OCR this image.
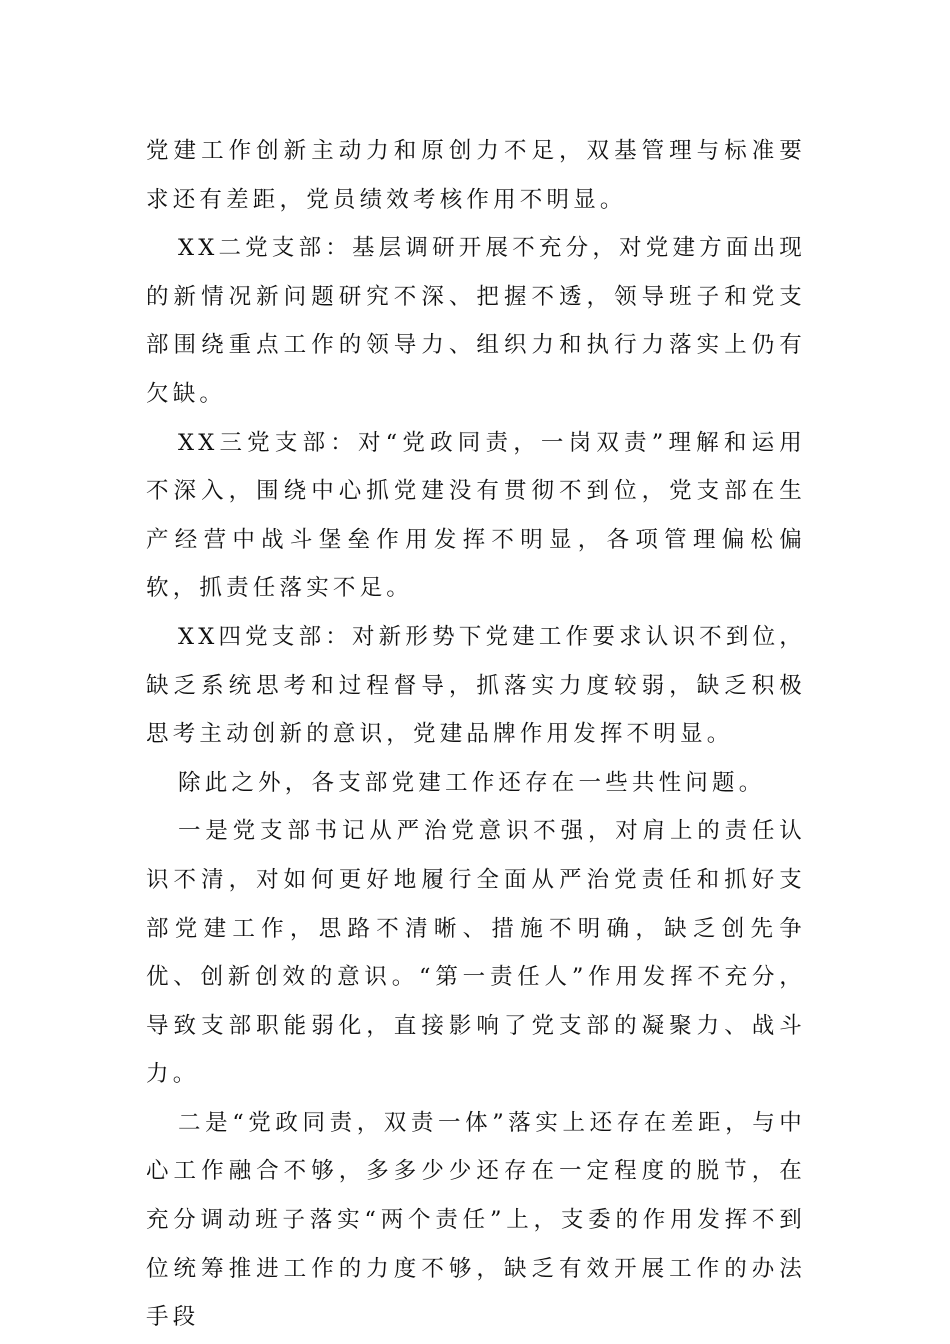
党建工作创新主动力和原创力不足，双基管理与标准要求还有差距，党员绩效考核作用不明显。

XX二党支部：基层调研开展不充分，对党建方面出现的新情况新问题研究不深、把握不透，领导班子和党支部围绕重点工作的领导力、组织力和执行力落实上仍有欠缺。

XX三党支部：对“党政同责，一岗双责”理解和运用不深入，围绕中心抓党建没有贯彻不到位，党支部在生产经营中战斗堡垒作用发挥不明显，各项管理偏松偏软，抓责任落实不足。

XX四党支部：对新形势下党建工作要求认识不到位，缺乏系统思考和过程督导，抓落实力度较弱，缺乏积极思考主动创新的意识，党建品牌作用发挥不明显。

除此之外，各支部党建工作还存在一些共性问题。

一是党支部书记从严治党意识不强，对肩上的责任认识不清，对如何更好地履行全面从严治党责任和抓好支部党建工作，思路不清晰、措施不明确，缺乏创先争优、创新创效的意识。“第一责任人”作用发挥不充分，导致支部职能弱化，直接影响了党支部的凝聚力、战斗力。

二是“党政同责，双责一体”落实上还存在差距，与中心工作融合不够，多多少少还存在一定程度的脱节，在充分调动班子落实“两个责任”上，支委的作用发挥不到位统筹推进工作的力度不够，缺乏有效开展工作的办法手段
